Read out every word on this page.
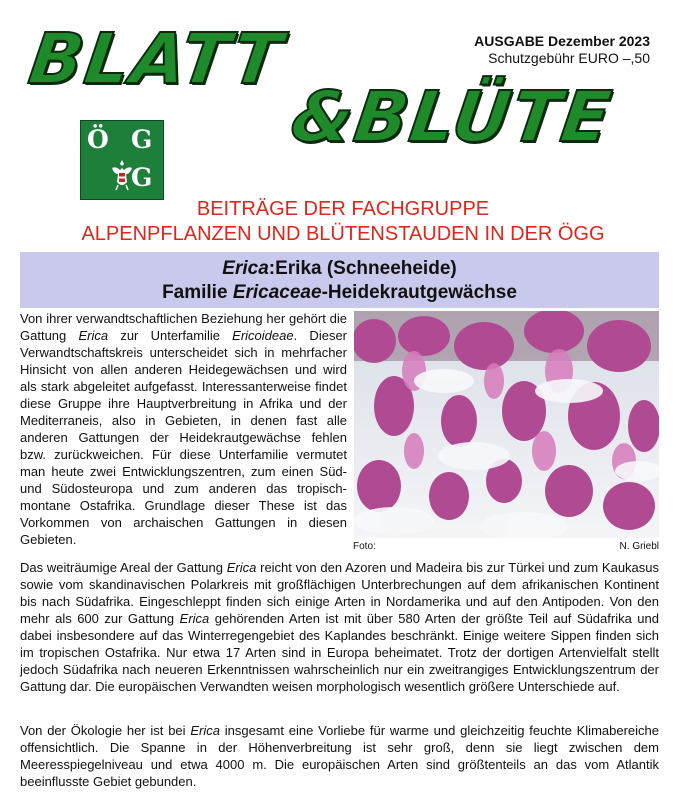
BLATT
&BLÜTE
AUSGABE Dezember 2023
Schutzgebühr EURO –,50
Ö G
G
BEITRÄGE DER FACHGRUPPE
ALPENPFLANZEN UND BLÜTENSTAUDEN IN DER ÖGG
Erica:Erika (Schneeheide)
Familie Ericaceae-Heidekrautgewächse
Von ihrer verwandtschaftlichen Beziehung her gehört die Gattung Erica zur Unterfamilie Ericoideae. Dieser Verwandtschaftskreis unterscheidet sich in mehrfacher Hinsicht von allen anderen Heidegewächsen und wird als stark abgeleitet aufgefasst. Interessanterweise findet diese Gruppe ihre Hauptverbreitung in Afrika und der Mediterraneis, also in Gebieten, in denen fast alle anderen Gattungen der Heidekrautgewächse fehlen bzw. zurückweichen. Für diese Unterfamilie vermutet man heute zwei Entwicklungszentren, zum einen Süd- und Südosteuropa und zum anderen das tropisch-montane Ostafrika. Grundlage dieser These ist das Vorkommen von archaischen Gattungen in diesen Gebieten.	Foto:	N. Griebl
Das weiträumige Areal der Gattung Erica reicht von den Azoren und Madeira bis zur Türkei und zum Kaukasus sowie vom skandinavischen Polarkreis mit großflächigen Unterbrechungen auf dem afrikanischen Kontinent bis nach Südafrika. Eingeschleppt finden sich einige Arten in Nordamerika und auf den Antipoden. Von den mehr als 600 zur Gattung Erica gehörenden Arten ist mit über 580 Arten der größte Teil auf Südafrika und dabei insbesondere auf das Winterregengebiet des Kaplandes beschränkt. Einige weitere Sippen finden sich im tropischen Ostafrika. Nur etwa 17 Arten sind in Europa beheimatet. Trotz der dortigen Artenvielfalt stellt jedoch Südafrika nach neueren Erkenntnissen wahrscheinlich nur ein zweitrangiges Entwicklungszentrum der Gattung dar. Die europäischen Verwandten weisen morphologisch wesentlich größere Unterschiede auf.
Von der Ökologie her ist bei Erica insgesamt eine Vorliebe für warme und gleichzeitig feuchte Klimabereiche offensichtlich. Die Spanne in der Höhenverbreitung ist sehr groß, denn sie liegt zwischen dem Meeresspiegelniveau und etwa 4000 m. Die europäischen Arten sind größtenteils an das vom Atlantik beeinflusste Gebiet gebunden.
